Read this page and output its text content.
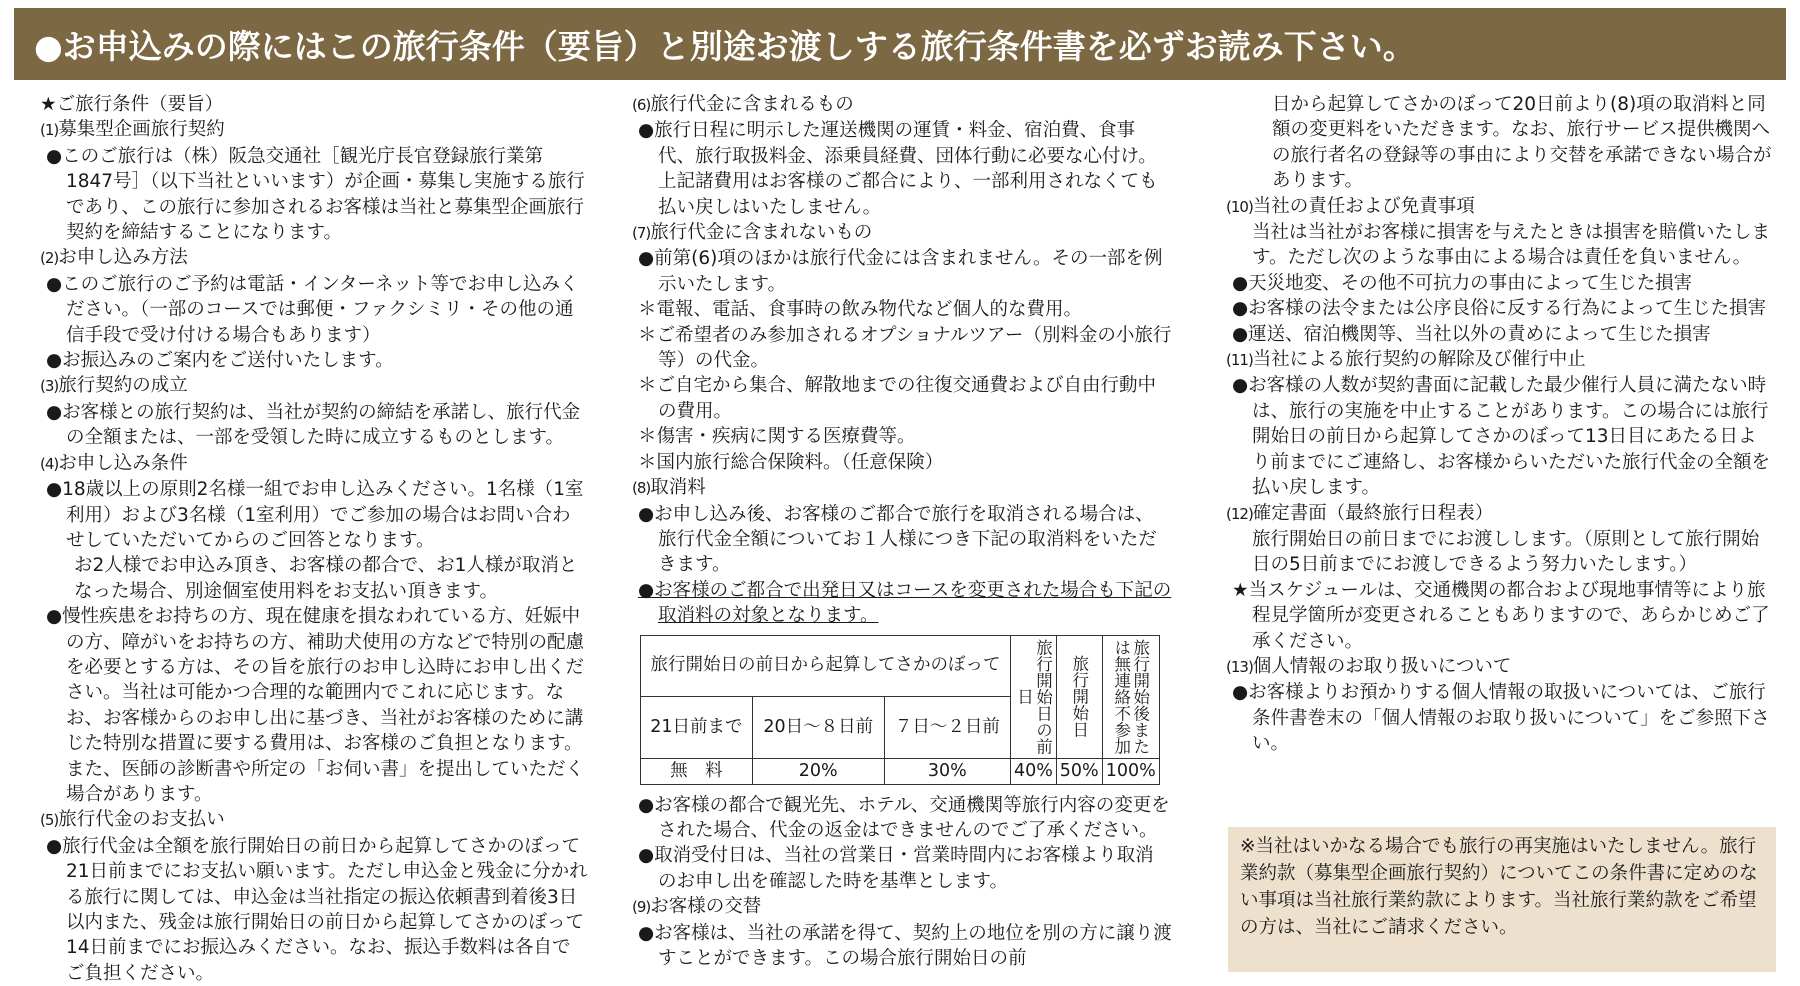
●お申込みの際にはこの旅行条件（要旨）と別途お渡しする旅行条件書を必ずお読み下さい。
★ご旅行条件（要旨）
(1)募集型企画旅行契約
●このご旅行は（株）阪急交通社［観光庁長官登録旅行業第1847号］（以下当社といいます）が企画・募集し実施する旅行であり、この旅行に参加されるお客様は当社と募集型企画旅行契約を締結することになります。
(2)お申し込み方法
●このご旅行のご予約は電話・インターネット等でお申し込みください。（一部のコースでは郵便・ファクシミリ・その他の通信手段で受け付ける場合もあります）
●お振込みのご案内をご送付いたします。
(3)旅行契約の成立
●お客様との旅行契約は、当社が契約の締結を承諾し、旅行代金の全額または、一部を受領した時に成立するものとします。
(4)お申し込み条件
●18歳以上の原則2名様一組でお申し込みください。1名様（1室利用）および3名様（1室利用）でご参加の場合はお問い合わせしていただいてからのご回答となります。
お2人様でお申込み頂き、お客様の都合で、お1人様が取消となった場合、別途個室使用料をお支払い頂きます。
●慢性疾患をお持ちの方、現在健康を損なわれている方、妊娠中の方、障がいをお持ちの方、補助犬使用の方などで特別の配慮を必要とする方は、その旨を旅行のお申し込時にお申し出ください。当社は可能かつ合理的な範囲内でこれに応じます。なお、お客様からのお申し出に基づき、当社がお客様のために講じた特別な措置に要する費用は、お客様のご負担となります。また、医師の診断書や所定の「お伺い書」を提出していただく場合があります。
(5)旅行代金のお支払い
●旅行代金は全額を旅行開始日の前日から起算してさかのぼって21日前までにお支払い願います。ただし申込金と残金に分かれる旅行に関しては、申込金は当社指定の振込依頼書到着後3日以内また、残金は旅行開始日の前日から起算してさかのぼって14日前までにお振込みください。なお、振込手数料は各自でご負担ください。
(6)旅行代金に含まれるもの
●旅行日程に明示した運送機関の運賃・料金、宿泊費、食事代、旅行取扱料金、添乗員経費、団体行動に必要な心付け。上記諸費用はお客様のご都合により、一部利用されなくても払い戻しはいたしません。
(7)旅行代金に含まれないもの
●前第(6)項のほかは旅行代金には含まれません。その一部を例示いたします。
＊電報、電話、食事時の飲み物代など個人的な費用。
＊ご希望者のみ参加されるオプショナルツアー（別料金の小旅行等）の代金。
＊ご自宅から集合、解散地までの往復交通費および自由行動中の費用。
＊傷害・疾病に関する医療費等。
＊国内旅行総合保険料。（任意保険）
(8)取消料
●お申し込み後、お客様のご都合で旅行を取消される場合は、旅行代金全額についてお１人様につき下記の取消料をいただきます。
●お客様のご都合で出発日又はコースを変更された場合も下記の取消料の対象となります。
旅行開始日の前日から起算してさかのぼって			旅行開始日の前日	旅行開始日	旅行開始後または無連絡不参加
21日前まで	20日〜８日前	７日〜２日前			
無　料	20%	30%	40%	50%	100%
●お客様の都合で観光先、ホテル、交通機関等旅行内容の変更をされた場合、代金の返金はできませんのでご了承ください。
●取消受付日は、当社の営業日・営業時間内にお客様より取消のお申し出を確認した時を基準とします。
(9)お客様の交替
●お客様は、当社の承諾を得て、契約上の地位を別の方に譲り渡すことができます。この場合旅行開始日の前
日から起算してさかのぼって20日前より(8)項の取消料と同額の変更料をいただきます。なお、旅行サービス提供機関への旅行者名の登録等の事由により交替を承諾できない場合があります。
(10)当社の責任および免責事項
当社は当社がお客様に損害を与えたときは損害を賠償いたします。ただし次のような事由による場合は責任を負いません。
●天災地変、その他不可抗力の事由によって生じた損害
●お客様の法令または公序良俗に反する行為によって生じた損害
●運送、宿泊機関等、当社以外の責めによって生じた損害
(11)当社による旅行契約の解除及び催行中止
●お客様の人数が契約書面に記載した最少催行人員に満たない時は、旅行の実施を中止することがあります。この場合には旅行開始日の前日から起算してさかのぼって13日目にあたる日より前までにご連絡し、お客様からいただいた旅行代金の全額を払い戻します。
(12)確定書面（最終旅行日程表）
旅行開始日の前日までにお渡しします。（原則として旅行開始日の5日前までにお渡しできるよう努力いたします。）
★当スケジュールは、交通機関の都合および現地事情等により旅程見学箇所が変更されることもありますので、あらかじめご了承ください。
(13)個人情報のお取り扱いについて
●お客様よりお預かりする個人情報の取扱いについては、ご旅行条件書巻末の「個人情報のお取り扱いについて」をご参照下さい。
※当社はいかなる場合でも旅行の再実施はいたしません。旅行業約款（募集型企画旅行契約）についてこの条件書に定めのない事項は当社旅行業約款によります。当社旅行業約款をご希望の方は、当社にご請求ください。
